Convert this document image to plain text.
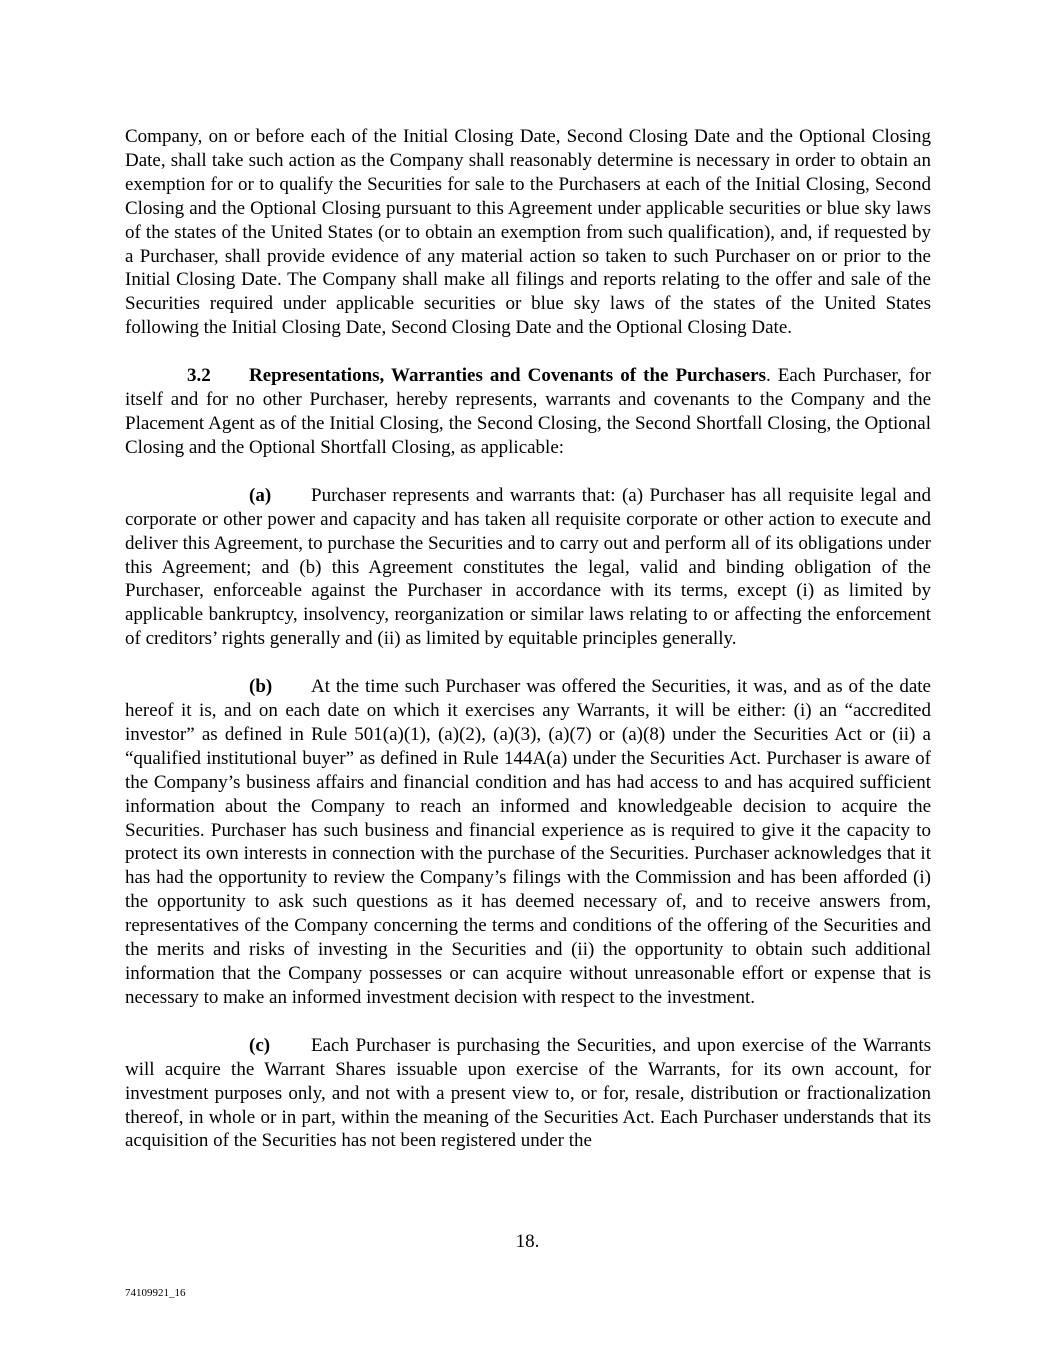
Company, on or before each of the Initial Closing Date, Second Closing Date and the Optional Closing Date, shall take such action as the Company shall reasonably determine is necessary in order to obtain an exemption for or to qualify the Securities for sale to the Purchasers at each of the Initial Closing, Second Closing and the Optional Closing pursuant to this Agreement under applicable securities or blue sky laws of the states of the United States (or to obtain an exemption from such qualification), and, if requested by a Purchaser, shall provide evidence of any material action so taken to such Purchaser on or prior to the Initial Closing Date. The Company shall make all filings and reports relating to the offer and sale of the Securities required under applicable securities or blue sky laws of the states of the United States following the Initial Closing Date, Second Closing Date and the Optional Closing Date.

3.2 Representations, Warranties and Covenants of the Purchasers. Each Purchaser, for itself and for no other Purchaser, hereby represents, warrants and covenants to the Company and the Placement Agent as of the Initial Closing, the Second Closing, the Second Shortfall Closing, the Optional Closing and the Optional Shortfall Closing, as applicable:

(a) Purchaser represents and warrants that: (a) Purchaser has all requisite legal and corporate or other power and capacity and has taken all requisite corporate or other action to execute and deliver this Agreement, to purchase the Securities and to carry out and perform all of its obligations under this Agreement; and (b) this Agreement constitutes the legal, valid and binding obligation of the Purchaser, enforceable against the Purchaser in accordance with its terms, except (i) as limited by applicable bankruptcy, insolvency, reorganization or similar laws relating to or affecting the enforcement of creditors’ rights generally and (ii) as limited by equitable principles generally.

(b) At the time such Purchaser was offered the Securities, it was, and as of the date hereof it is, and on each date on which it exercises any Warrants, it will be either: (i) an “accredited investor” as defined in Rule 501(a)(1), (a)(2), (a)(3), (a)(7) or (a)(8) under the Securities Act or (ii) a “qualified institutional buyer” as defined in Rule 144A(a) under the Securities Act. Purchaser is aware of the Company’s business affairs and financial condition and has had access to and has acquired sufficient information about the Company to reach an informed and knowledgeable decision to acquire the Securities. Purchaser has such business and financial experience as is required to give it the capacity to protect its own interests in connection with the purchase of the Securities. Purchaser acknowledges that it has had the opportunity to review the Company’s filings with the Commission and has been afforded (i) the opportunity to ask such questions as it has deemed necessary of, and to receive answers from, representatives of the Company concerning the terms and conditions of the offering of the Securities and the merits and risks of investing in the Securities and (ii) the opportunity to obtain such additional information that the Company possesses or can acquire without unreasonable effort or expense that is necessary to make an informed investment decision with respect to the investment.

(c) Each Purchaser is purchasing the Securities, and upon exercise of the Warrants will acquire the Warrant Shares issuable upon exercise of the Warrants, for its own account, for investment purposes only, and not with a present view to, or for, resale, distribution or fractionalization thereof, in whole or in part, within the meaning of the Securities Act. Each Purchaser understands that its acquisition of the Securities has not been registered under the

18.
74109921_16
